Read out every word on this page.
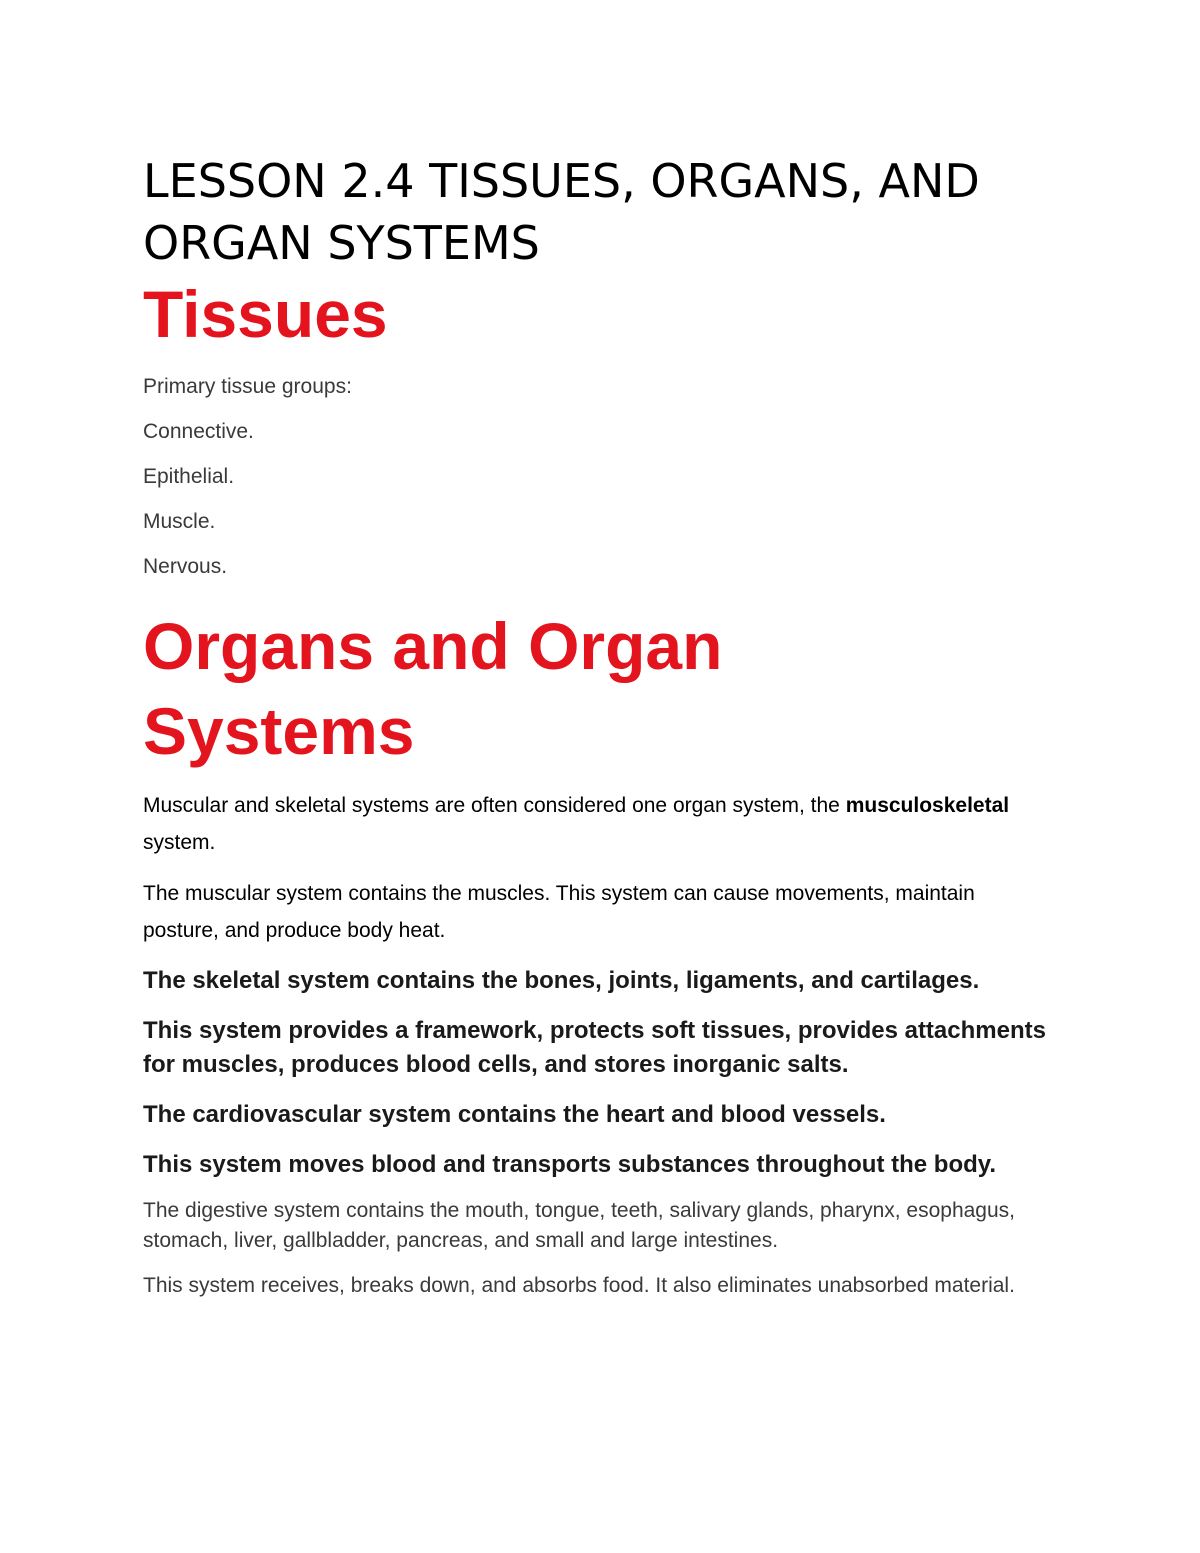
LESSON 2.4 TISSUES, ORGANS, AND ORGAN SYSTEMS
Tissues

Primary tissue groups:

Connective.

Epithelial.

Muscle.

Nervous.

Organs and Organ Systems

Muscular and skeletal systems are often considered one organ system, the musculoskeletal system.

The muscular system contains the muscles. This system can cause movements, maintain posture, and produce body heat.

The skeletal system contains the bones, joints, ligaments, and cartilages.

This system provides a framework, protects soft tissues, provides attachments for muscles, produces blood cells, and stores inorganic salts.

The cardiovascular system contains the heart and blood vessels.

This system moves blood and transports substances throughout the body.

The digestive system contains the mouth, tongue, teeth, salivary glands, pharynx, esophagus, stomach, liver, gallbladder, pancreas, and small and large intestines.

This system receives, breaks down, and absorbs food. It also eliminates unabsorbed material.
